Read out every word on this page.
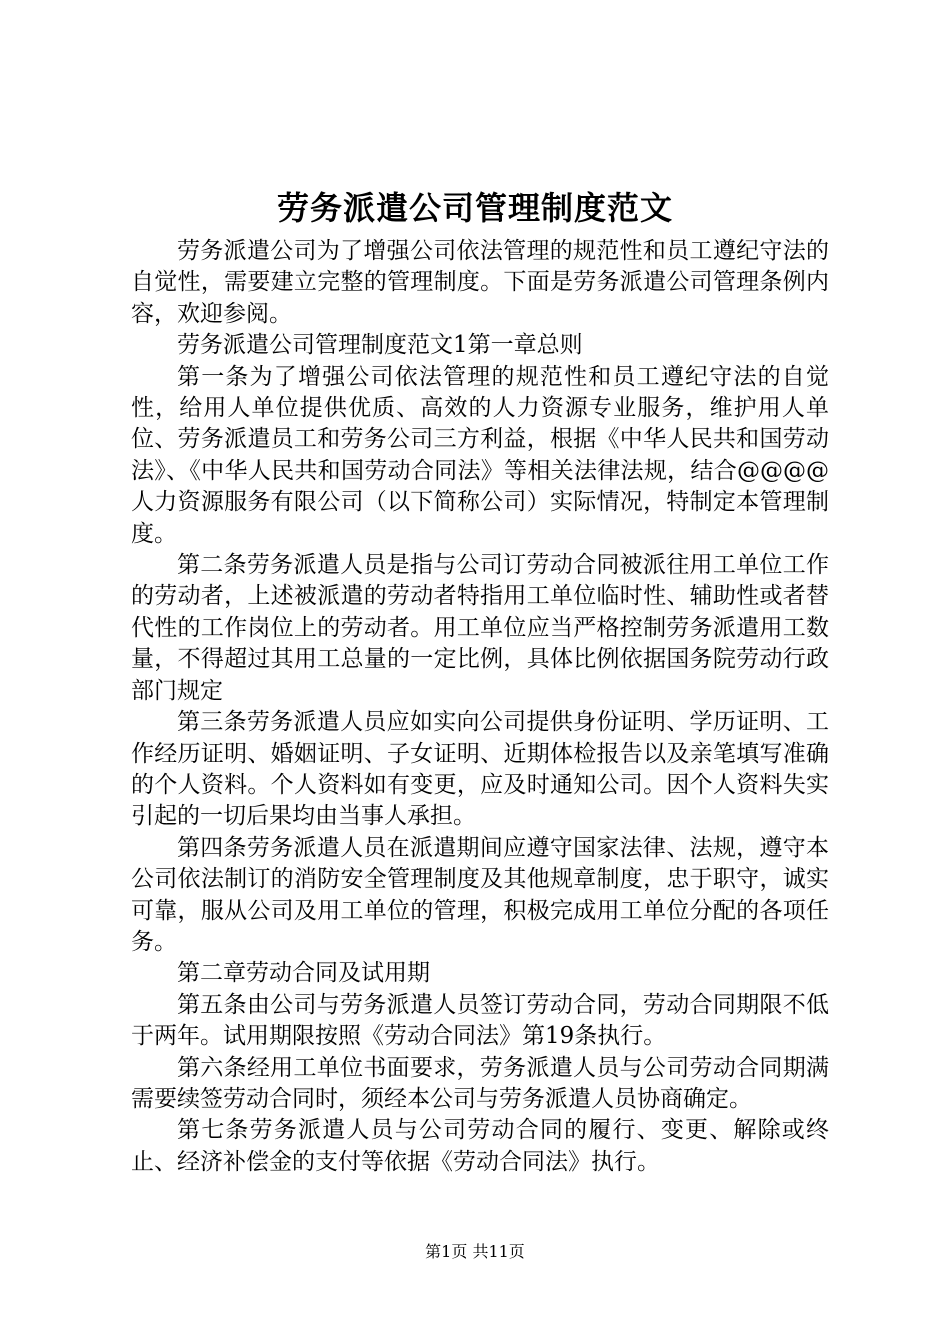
劳务派遣公司管理制度范文

劳务派遣公司为了增强公司依法管理的规范性和员工遵纪守法的自觉性，需要建立完整的管理制度。下面是劳务派遣公司管理条例内容，欢迎参阅。

劳务派遣公司管理制度范文1第一章总则

第一条为了增强公司依法管理的规范性和员工遵纪守法的自觉性，给用人单位提供优质、高效的人力资源专业服务，维护用人单位、劳务派遣员工和劳务公司三方利益，根据《中华人民共和国劳动法》、《中华人民共和国劳动合同法》等相关法律法规，结合@@@@人力资源服务有限公司（以下简称公司）实际情况，特制定本管理制度。

第二条劳务派遣人员是指与公司订劳动合同被派往用工单位工作的劳动者，上述被派遣的劳动者特指用工单位临时性、辅助性或者替代性的工作岗位上的劳动者。用工单位应当严格控制劳务派遣用工数量，不得超过其用工总量的一定比例，具体比例依据国务院劳动行政部门规定

第三条劳务派遣人员应如实向公司提供身份证明、学历证明、工作经历证明、婚姻证明、子女证明、近期体检报告以及亲笔填写准确的个人资料。个人资料如有变更，应及时通知公司。因个人资料失实引起的一切后果均由当事人承担。

第四条劳务派遣人员在派遣期间应遵守国家法律、法规，遵守本公司依法制订的消防安全管理制度及其他规章制度，忠于职守，诚实可靠，服从公司及用工单位的管理，积极完成用工单位分配的各项任务。

第二章劳动合同及试用期

第五条由公司与劳务派遣人员签订劳动合同，劳动合同期限不低于两年。试用期限按照《劳动合同法》第19条执行。

第六条经用工单位书面要求，劳务派遣人员与公司劳动合同期满需要续签劳动合同时，须经本公司与劳务派遣人员协商确定。

第七条劳务派遣人员与公司劳动合同的履行、变更、解除或终止、经济补偿金的支付等依据《劳动合同法》执行。

第1页 共11页
